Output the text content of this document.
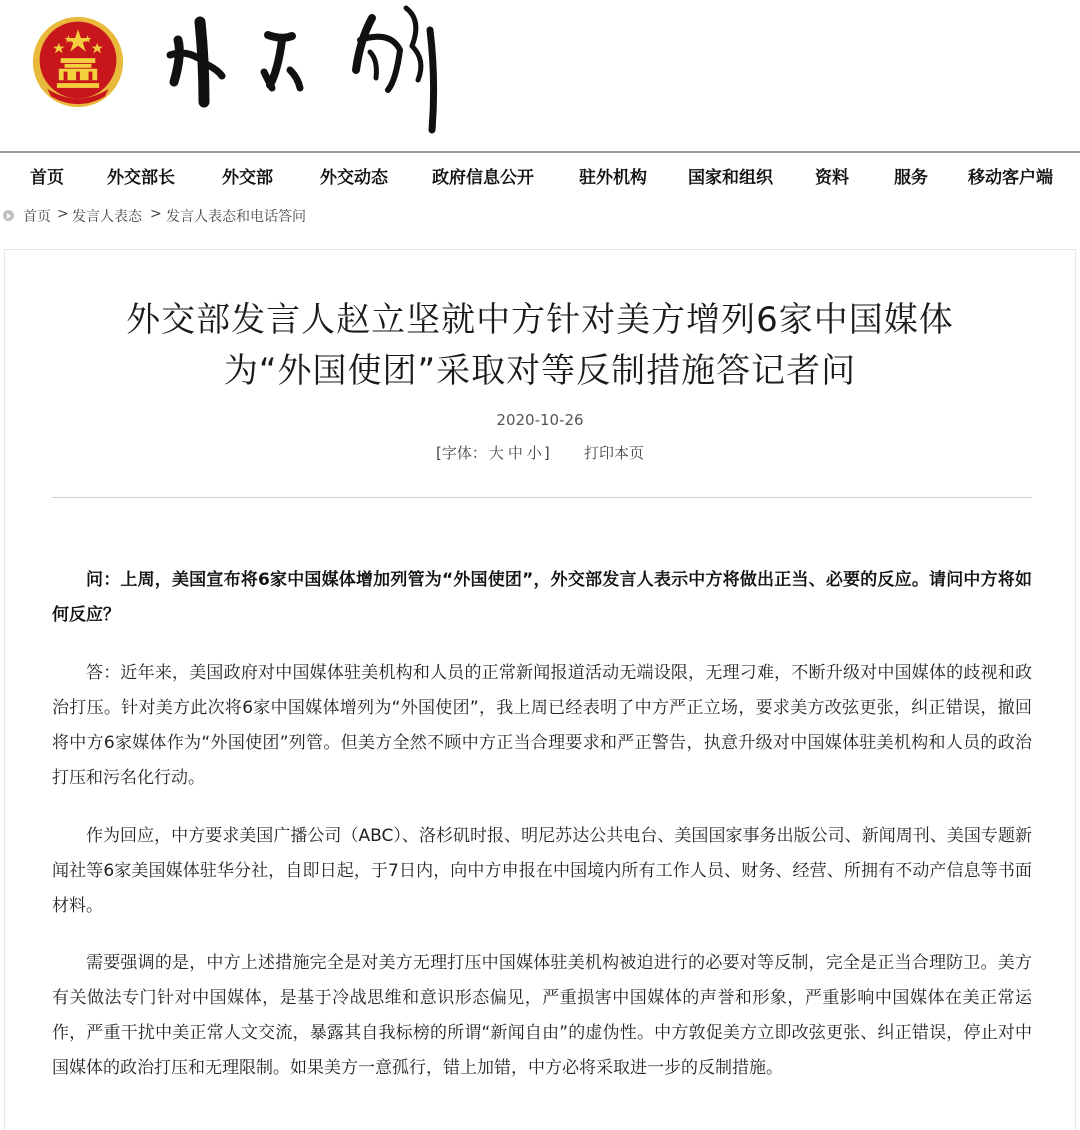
首页	外交部长	外交部	外交动态	政府信息公开	驻外机构 国家和组织 资料	服务 移动客户端
首页 > 发言人表态 > 发言人表态和电话答问
外交部发言人赵立坚就中方针对美方增列6家中国媒体
为“外国使团”采取对等反制措施答记者问
2020-10-26
[字体： 大 中 小 ] 打印本页
问：上周，美国宣布将6家中国媒体增加列管为“外国使团”，外交部发言人表示中方将做出正当、必要的反应。请问中方将如何反应？
答：近年来，美国政府对中国媒体驻美机构和人员的正常新闻报道活动无端设限，无理刁难，不断升级对中国媒体的歧视和政治打压。针对美方此次将6家中国媒体增列为“外国使团”，我上周已经表明了中方严正立场，要求美方改弦更张，纠正错误，撤回将中方6家媒体作为“外国使团”列管。但美方全然不顾中方正当合理要求和严正警告，执意升级对中国媒体驻美机构和人员的政治打压和污名化行动。
作为回应，中方要求美国广播公司（ABC）、洛杉矶时报、明尼苏达公共电台、美国国家事务出版公司、新闻周刊、美国专题新闻社等6家美国媒体驻华分社，自即日起，于7日内，向中方申报在中国境内所有工作人员、财务、经营、所拥有不动产信息等书面材料。
需要强调的是，中方上述措施完全是对美方无理打压中国媒体驻美机构被迫进行的必要对等反制，完全是正当合理防卫。美方有关做法专门针对中国媒体，是基于冷战思维和意识形态偏见，严重损害中国媒体的声誉和形象，严重影响中国媒体在美正常运作，严重干扰中美正常人文交流，暴露其自我标榜的所谓“新闻自由”的虚伪性。中方敦促美方立即改弦更张、纠正错误，停止对中国媒体的政治打压和无理限制。如果美方一意孤行，错上加错，中方必将采取进一步的反制措施。
